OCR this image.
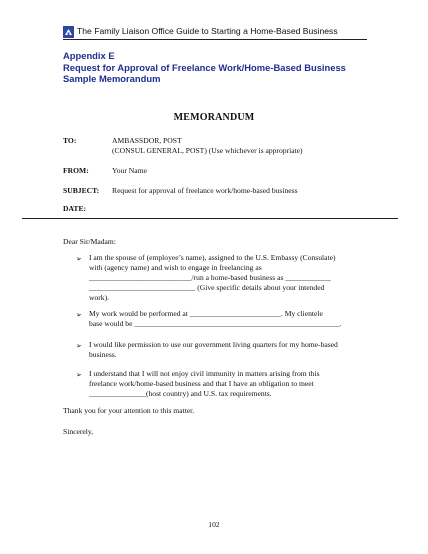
The Family Liaison Office Guide to Starting a Home-Based Business
Appendix E
Request for Approval of Freelance Work/Home-Based Business
Sample Memorandum
MEMORANDUM
TO:	AMBASSDOR, POST
(CONSUL GENERAL, POST) (Use whichever is appropriate)
FROM:	Your Name
SUBJECT: Request for approval of freelance work/home-based business
DATE:
Dear Sir/Madam:
➢ I am the spouse of (employee’s name), assigned to the U.S. Embassy (Consulate)
with (agency name) and wish to engage in freelancing as
___________________________/run a home-based business as ____________
____________________________ (Give specific details about your intended
work).
➢ My work would be performed at ________________________. My clientele
base would be ______________________________________________________.
➢ I would like permission to use our government living quarters for my home-based
business.
➢ I understand that I will not enjoy civil immunity in matters arising from this
freelance work/home-based business and that I have an obligation to meet
_______________(host country) and U.S. tax requirements.
Thank you for your attention to this matter.
Sincerely,
102
